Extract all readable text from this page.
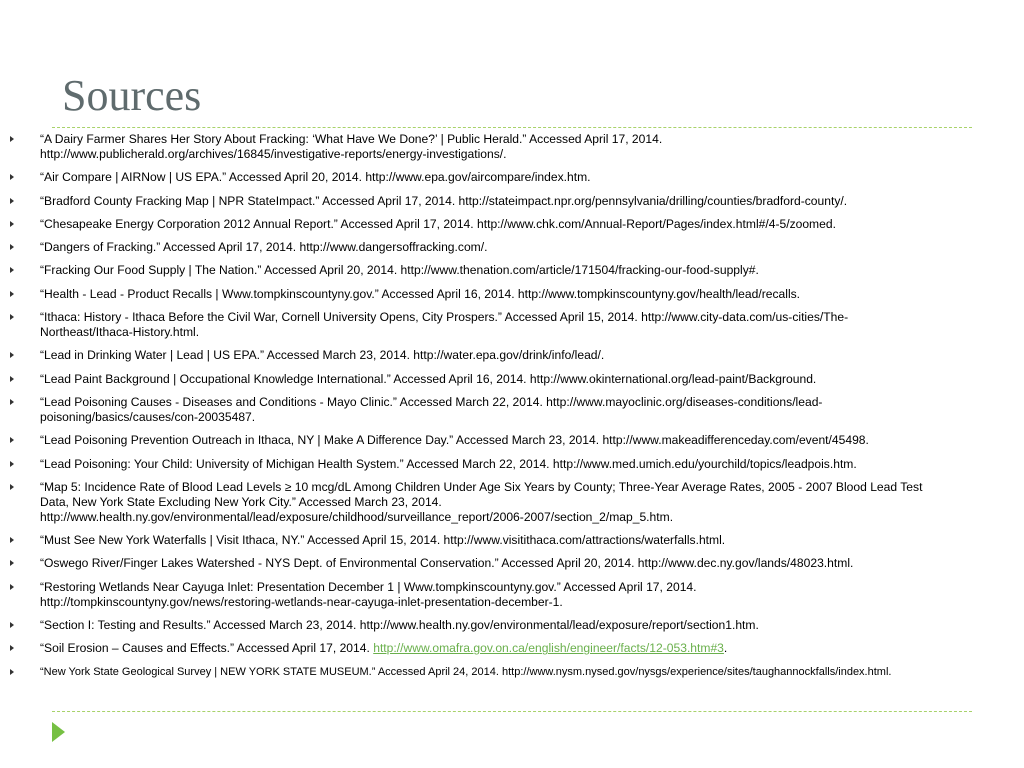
Sources
“A Dairy Farmer Shares Her Story About Fracking: ‘What Have We Done?’ | Public Herald.” Accessed April 17, 2014.
http://www.publicherald.org/archives/16845/investigative-reports/energy-investigations/.
“Air Compare | AIRNow | US EPA.” Accessed April 20, 2014. http://www.epa.gov/aircompare/index.htm.
“Bradford County Fracking Map | NPR StateImpact.” Accessed April 17, 2014. http://stateimpact.npr.org/pennsylvania/drilling/counties/bradford-county/.
“Chesapeake Energy Corporation 2012 Annual Report.” Accessed April 17, 2014. http://www.chk.com/Annual-Report/Pages/index.html#/4-5/zoomed.
“Dangers of Fracking.” Accessed April 17, 2014. http://www.dangersoffracking.com/.
“Fracking Our Food Supply | The Nation.” Accessed April 20, 2014. http://www.thenation.com/article/171504/fracking-our-food-supply#.
“Health - Lead - Product Recalls | Www.tompkinscountyny.gov.” Accessed April 16, 2014. http://www.tompkinscountyny.gov/health/lead/recalls.
“Ithaca: History - Ithaca Before the Civil War, Cornell University Opens, City Prospers.” Accessed April 15, 2014. http://www.city-data.com/us-cities/The-
Northeast/Ithaca-History.html.
“Lead in Drinking Water | Lead | US EPA.” Accessed March 23, 2014. http://water.epa.gov/drink/info/lead/.
“Lead Paint Background | Occupational Knowledge International.” Accessed April 16, 2014. http://www.okinternational.org/lead-paint/Background.
“Lead Poisoning Causes - Diseases and Conditions - Mayo Clinic.” Accessed March 22, 2014. http://www.mayoclinic.org/diseases-conditions/lead-
poisoning/basics/causes/con-20035487.
“Lead Poisoning Prevention Outreach in Ithaca, NY | Make A Difference Day.” Accessed March 23, 2014. http://www.makeadifferenceday.com/event/45498.
“Lead Poisoning: Your Child: University of Michigan Health System.” Accessed March 22, 2014. http://www.med.umich.edu/yourchild/topics/leadpois.htm.
“Map 5: Incidence Rate of Blood Lead Levels ≥ 10 mcg/dL Among Children Under Age Six Years by County; Three-Year Average Rates, 2005 - 2007 Blood Lead Test
Data, New York State Excluding New York City.” Accessed March 23, 2014.
http://www.health.ny.gov/environmental/lead/exposure/childhood/surveillance_report/2006-2007/section_2/map_5.htm.
“Must See New York Waterfalls | Visit Ithaca, NY.” Accessed April 15, 2014. http://www.visitithaca.com/attractions/waterfalls.html.
“Oswego River/Finger Lakes Watershed - NYS Dept. of Environmental Conservation.” Accessed April 20, 2014. http://www.dec.ny.gov/lands/48023.html.
“Restoring Wetlands Near Cayuga Inlet: Presentation December 1 | Www.tompkinscountyny.gov.” Accessed April 17, 2014.
http://tompkinscountyny.gov/news/restoring-wetlands-near-cayuga-inlet-presentation-december-1.
“Section I: Testing and Results.” Accessed March 23, 2014. http://www.health.ny.gov/environmental/lead/exposure/report/section1.htm.
“Soil Erosion – Causes and Effects.” Accessed April 17, 2014. http://www.omafra.gov.on.ca/english/engineer/facts/12-053.htm#3.
“New York State Geological Survey | NEW YORK STATE MUSEUM.” Accessed April 24, 2014. http://www.nysm.nysed.gov/nysgs/experience/sites/taughannockfalls/index.html.
